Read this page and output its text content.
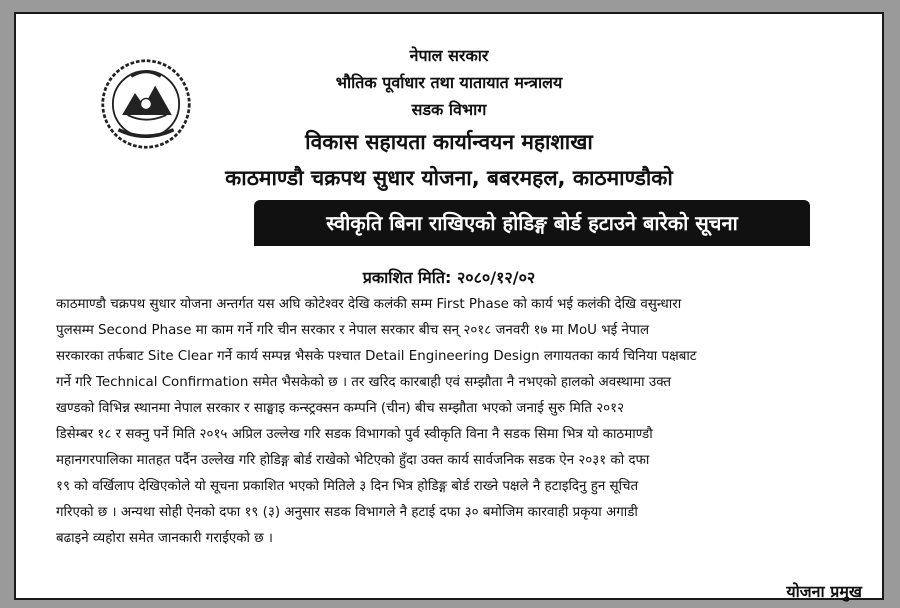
नेपाल सरकार
भौतिक पूर्वाधार तथा यातायात मन्त्रालय
सडक विभाग
विकास सहायता कार्यान्वयन महाशाखा
काठमाण्डौ चक्रपथ सुधार योजना, बबरमहल, काठमाण्डौको
स्वीकृति बिना राखिएको होडिङ्ग बोर्ड हटाउने बारेको सूचना
प्रकाशित मिति: २०८०/१२/०२
काठमाण्डौ चक्रपथ सुधार योजना अन्तर्गत यस अघि कोटेश्वर देखि कलंकी सम्म First Phase को कार्य भई कलंकी देखि वसुन्धारा
पुलसम्म Second Phase मा काम गर्ने गरि चीन सरकार र नेपाल सरकार बीच सन् २०१८ जनवरी १७ मा MoU भई नेपाल
सरकारका तर्फबाट Site Clear गर्ने कार्य सम्पन्न भैसके पश्चात Detail Engineering Design लगायतका कार्य चिनिया पक्षबाट
गर्ने गरि Technical Confirmation समेत भैसकेको छ । तर खरिद कारबाही एवं सम्झौता नै नभएको हालको अवस्थामा उक्त
खण्डको विभिन्न स्थानमा नेपाल सरकार र साङ्घाइ कन्स्ट्रक्सन कम्पनि (चीन) बीच सम्झौता भएको जनाई सुरु मिति २०१२
डिसेम्बर १८ र सक्नु पर्ने मिति २०१५ अप्रिल उल्लेख गरि सडक विभागको पुर्व स्वीकृति विना नै सडक सिमा भित्र यो काठमाण्डौ
महानगरपालिका मातहत पर्दैन उल्लेख गरि होडिङ्ग बोर्ड राखेको भेटिएको हुँदा उक्त कार्य सार्वजनिक सडक ऐन २०३१ को दफा
१९ को वर्खिलाप देखिएकोले यो सूचना प्रकाशित भएको मितिले ३ दिन भित्र होडिङ्ग बोर्ड राख्ने पक्षले नै हटाइदिनु हुन सूचित
गरिएको छ । अन्यथा सोही ऐनको दफा १९ (३) अनुसार सडक विभागले नै हटाई दफा ३० बमोजिम कारवाही प्रकृया अगाडी
बढाइने व्यहोरा समेत जानकारी गराईएको छ ।
योजना प्रमुख
